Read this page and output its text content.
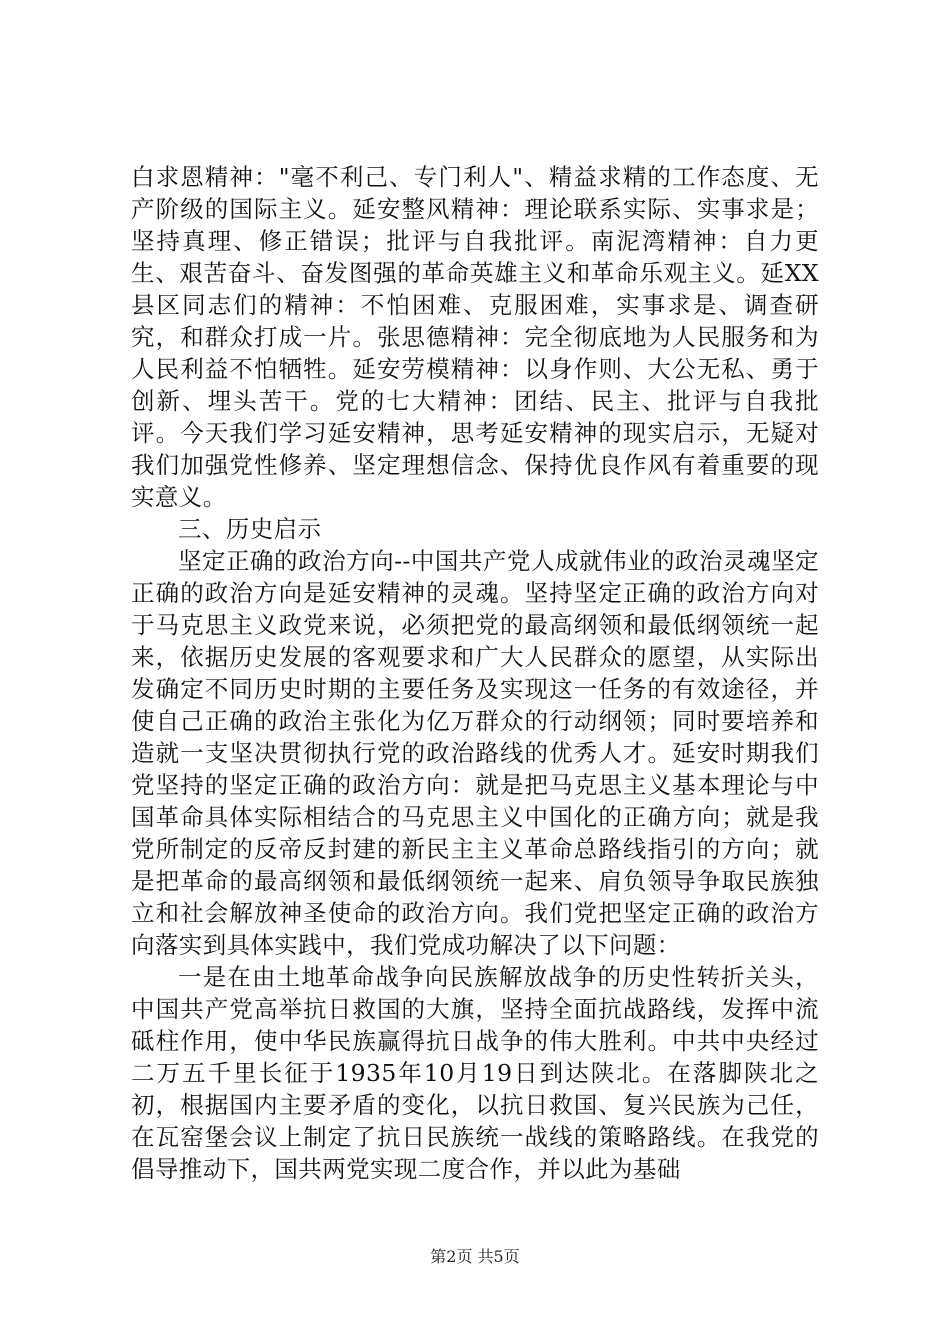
白求恩精神："毫不利己、专门利人"、精益求精的工作态度、无产阶级的国际主义。延安整风精神：理论联系实际、实事求是；坚持真理、修正错误；批评与自我批评。南泥湾精神：自力更生、艰苦奋斗、奋发图强的革命英雄主义和革命乐观主义。延XX县区同志们的精神：不怕困难、克服困难，实事求是、调查研究，和群众打成一片。张思德精神：完全彻底地为人民服务和为人民利益不怕牺牲。延安劳模精神：以身作则、大公无私、勇于创新、埋头苦干。党的七大精神：团结、民主、批评与自我批评。今天我们学习延安精神，思考延安精神的现实启示，无疑对我们加强党性修养、坚定理想信念、保持优良作风有着重要的现实意义。

三、历史启示

坚定正确的政治方向--中国共产党人成就伟业的政治灵魂坚定正确的政治方向是延安精神的灵魂。坚持坚定正确的政治方向对于马克思主义政党来说，必须把党的最高纲领和最低纲领统一起来，依据历史发展的客观要求和广大人民群众的愿望，从实际出发确定不同历史时期的主要任务及实现这一任务的有效途径，并使自己正确的政治主张化为亿万群众的行动纲领；同时要培养和造就一支坚决贯彻执行党的政治路线的优秀人才。延安时期我们党坚持的坚定正确的政治方向：就是把马克思主义基本理论与中国革命具体实际相结合的马克思主义中国化的正确方向；就是我党所制定的反帝反封建的新民主主义革命总路线指引的方向；就是把革命的最高纲领和最低纲领统一起来、肩负领导争取民族独立和社会解放神圣使命的政治方向。我们党把坚定正确的政治方向落实到具体实践中，我们党成功解决了以下问题：

一是在由土地革命战争向民族解放战争的历史性转折关头，中国共产党高举抗日救国的大旗，坚持全面抗战路线，发挥中流砥柱作用，使中华民族赢得抗日战争的伟大胜利。中共中央经过二万五千里长征于1935年10月19日到达陕北。在落脚陕北之初，根据国内主要矛盾的变化，以抗日救国、复兴民族为己任，在瓦窑堡会议上制定了抗日民族统一战线的策略路线。在我党的倡导推动下，国共两党实现二度合作，并以此为基础

第2页 共5页
